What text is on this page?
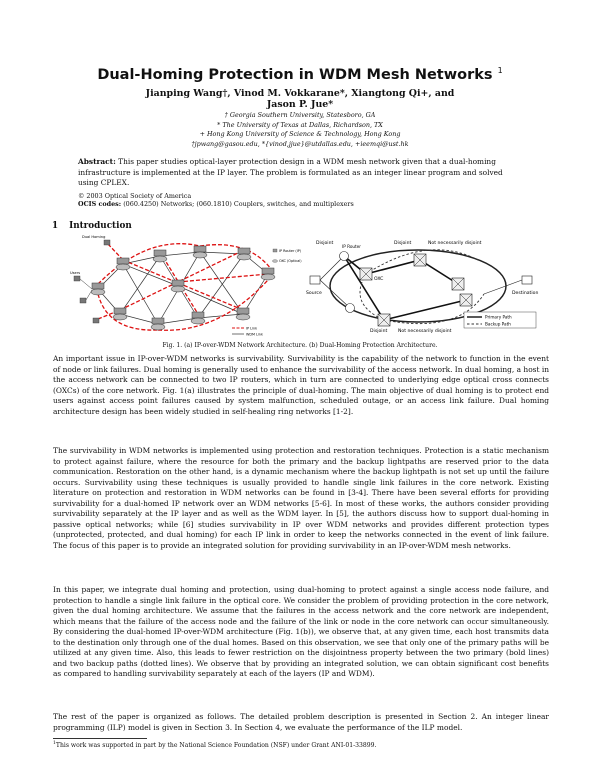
Dual-Homing Protection in WDM Mesh Networks $^1$
Jianping Wang†, Vinod M. Vokkarane*, Xiangtong Qi+, and
Jason P. Jue*
† Georgia Southern University, Statesboro, GA
* The University of Texas at Dallas, Richardson, TX
+ Hong Kong University of Science & Technology, Hong Kong
†jpwang@gasou.edu, *{vinod,jjue}@utdallas.edu, +ieemqi@ust.hk
Abstract: This paper studies optical-layer protection design in a WDM mesh network given that a dual-homing infrastructure is implemented at the IP layer. The problem is formulated as an integer linear program and solved using CPLEX.
© 2003 Optical Society of America
OCIS codes: (060.4250) Networks; (060.1810) Couplers, switches, and multiplexers
1 Introduction
Dual Homing
Users
IP Router (IP)
OXC (Optical)
IP Link
WDM Link
Disjoint
IP Router
Disjoint	Not necessarily disjoint
OXC
Source	Destination
Disjoint Not necessarily disjoint
Primary Path
Backup Path
Fig. 1. (a) IP-over-WDM Network Architecture. (b) Dual-Homing Protection Architecture.
An important issue in IP-over-WDM networks is survivability. Survivability is the capability of the network to function in the event of node or link failures. Dual homing is generally used to enhance the survivability of the access network. In dual homing, a host in the access network can be connected to two IP routers, which in turn are connected to underlying edge optical cross connects (OXCs) of the core network. Fig. 1(a) illustrates the principle of dual-homing. The main objective of dual homing is to protect end users against access point failures caused by system malfunction, scheduled outage, or an access link failure. Dual homing architecture design has been widely studied in self-healing ring networks [1-2].
The survivability in WDM networks is implemented using protection and restoration techniques. Protection is a static mechanism to protect against failure, where the resource for both the primary and the backup lightpaths are reserved prior to the data communication. Restoration on the other hand, is a dynamic mechanism where the backup lightpath is not set up until the failure occurs. Survivability using these techniques is usually provided to handle single link failures in the core network. Existing literature on protection and restoration in WDM networks can be found in [3-4]. There have been several efforts for providing survivability for a dual-homed IP network over an WDM networks [5-6]. In most of these works, the authors consider providing survivability separately at the IP layer and as well as the WDM layer. In [5], the authors discuss how to support dual-homing in passive optical networks; while [6] studies survivability in IP over WDM networks and provides different protection types (unprotected, protected, and dual homing) for each IP link in order to keep the networks connected in the event of link failure. The focus of this paper is to provide an integrated solution for providing survivability in an IP-over-WDM mesh networks.
In this paper, we integrate dual homing and protection, using dual-homing to protect against a single access node failure, and protection to handle a single link failure in the optical core. We consider the problem of providing protection in the core network, given the dual homing architecture. We assume that the failures in the access network and the core network are independent, which means that the failure of the access node and the failure of the link or node in the core network can occur simultaneously. By considering the dual-homed IP-over-WDM architecture (Fig. 1(b)), we observe that, at any given time, each host transmits data to the destination only through one of the dual homes. Based on this observation, we see that only one of the primary paths will be utilized at any given time. Also, this leads to fewer restriction on the disjointness property between the two primary (bold lines) and two backup paths (dotted lines). We observe that by providing an integrated solution, we can obtain significant cost benefits as compared to handling survivability separately at each of the layers (IP and WDM).
The rest of the paper is organized as follows. The detailed problem description is presented in Section 2. An integer linear programming (ILP) model is given in Section 3. In Section 4, we evaluate the performance of the ILP model.
$^1$This work was supported in part by the National Science Foundation (NSF) under Grant ANI-01-33899.
